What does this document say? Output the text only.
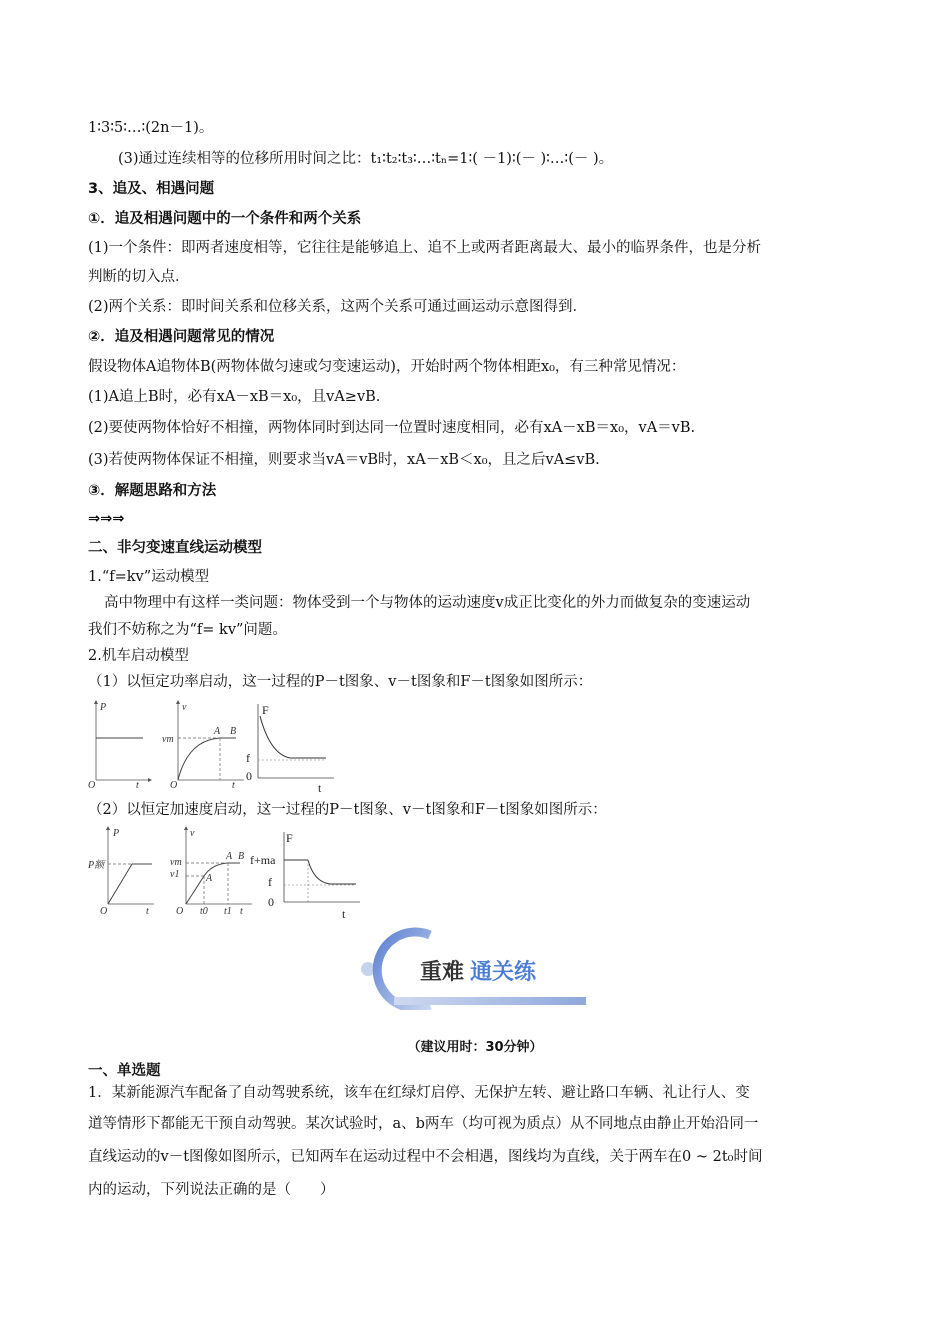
1∶3∶5∶…∶(2n－1)。
(3)通过连续相等的位移所用时间之比：t₁∶t₂∶t₃∶…∶tₙ=1∶( －1)∶(－ )∶…∶(－ )。
3、追及、相遇问题
①．追及相遇问题中的一个条件和两个关系
(1)一个条件：即两者速度相等，它往往是能够追上、追不上或两者距离最大、最小的临界条件，也是分析
判断的切入点．
(2)两个关系：即时间关系和位移关系，这两个关系可通过画运动示意图得到．
②．追及相遇问题常见的情况
假设物体A追物体B(两物体做匀速或匀变速运动)，开始时两个物体相距x₀，有三种常见情况：
(1)A追上B时，必有xA－xB＝x₀，且vA≥vB.
(2)要使两物体恰好不相撞，两物体同时到达同一位置时速度相同，必有xA－xB＝x₀，vA＝vB.
(3)若使两物体保证不相撞，则要求当vA＝vB时，xA－xB＜x₀，且之后vA≤vB.
③．解题思路和方法
⇒⇒⇒
二、非匀变速直线运动模型
1.“f=kv”运动模型
高中物理中有这样一类问题：物体受到一个与物体的运动速度v成正比变化的外力而做复杂的变速运动
我们不妨称之为“f= kv”问题。
2.机车启动模型
（1）以恒定功率启动，这一过程的P－t图象、v－t图象和F－t图象如图所示：
P
O	t
v
vm
A B
O	t
F
f
0
t
（2）以恒定加速度启动，这一过程的P－t图象、v－t图象和F－t图象如图所示：
P
P额
O	t
v
vm
v1	A
A B
O t0 t1 t
F
f+ma
f
0
t
重难 通关练
（建议用时：30分钟）
一、单选题
1．某新能源汽车配备了自动驾驶系统，该车在红绿灯启停、无保护左转、避让路口车辆、礼让行人、变
道等情形下都能无干预自动驾驶。某次试验时，a、b两车（均可视为质点）从不同地点由静止开始沿同一
直线运动的v－t图像如图所示，已知两车在运动过程中不会相遇，图线均为直线，关于两车在0 ~ 2t₀时间
内的运动，下列说法正确的是（　　）
